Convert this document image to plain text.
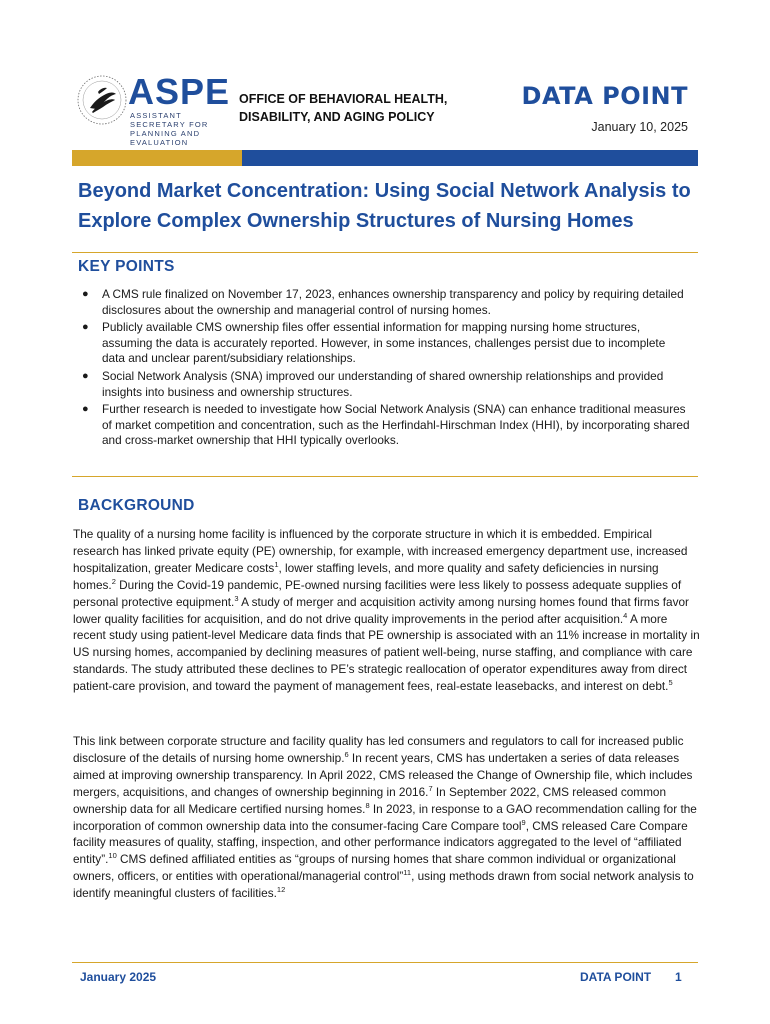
ASPE
ASSISTANT SECRETARY FOR PLANNING AND EVALUATION
OFFICE OF BEHAVIORAL HEALTH, DISABILITY, AND AGING POLICY
DATA POINT
January 10, 2025
Beyond Market Concentration: Using Social Network Analysis to Explore Complex Ownership Structures of Nursing Homes
KEY POINTS
● A CMS rule finalized on November 17, 2023, enhances ownership transparency and policy by requiring detailed disclosures about the ownership and managerial control of nursing homes.
● Publicly available CMS ownership files offer essential information for mapping nursing home structures, assuming the data is accurately reported. However, in some instances, challenges persist due to incomplete data and unclear parent/subsidiary relationships.
● Social Network Analysis (SNA) improved our understanding of shared ownership relationships and provided insights into business and ownership structures.
● Further research is needed to investigate how Social Network Analysis (SNA) can enhance traditional measures of market competition and concentration, such as the Herfindahl-Hirschman Index (HHI), by incorporating shared and cross-market ownership that HHI typically overlooks.
BACKGROUND
The quality of a nursing home facility is influenced by the corporate structure in which it is embedded. Empirical research has linked private equity (PE) ownership, for example, with increased emergency department use, increased hospitalization, greater Medicare costs$^1$, lower staffing levels, and more quality and safety deficiencies in nursing homes.$^2$ During the Covid-19 pandemic, PE-owned nursing facilities were less likely to possess adequate supplies of personal protective equipment.$^3$ A study of merger and acquisition activity among nursing homes found that firms favor lower quality facilities for acquisition, and do not drive quality improvements in the period after acquisition.$^4$ A more recent study using patient-level Medicare data finds that PE ownership is associated with an 11% increase in mortality in US nursing homes, accompanied by declining measures of patient well-being, nurse staffing, and compliance with care standards. The study attributed these declines to PE’s strategic reallocation of operator expenditures away from direct patient-care provision, and toward the payment of management fees, real-estate leasebacks, and interest on debt.$^5$
This link between corporate structure and facility quality has led consumers and regulators to call for increased public disclosure of the details of nursing home ownership.$^6$ In recent years, CMS has undertaken a series of data releases aimed at improving ownership transparency. In April 2022, CMS released the Change of Ownership file, which includes mergers, acquisitions, and changes of ownership beginning in 2016.$^7$ In September 2022, CMS released common ownership data for all Medicare certified nursing homes.$^8$ In 2023, in response to a GAO recommendation calling for the incorporation of common ownership data into the consumer-facing Care Compare tool$^9$, CMS released Care Compare facility measures of quality, staffing, inspection, and other performance indicators aggregated to the level of “affiliated entity”.$^{10}$ CMS defined affiliated entities as “groups of nursing homes that share common individual or organizational owners, officers, or entities with operational/managerial control”$^{11}$, using methods drawn from social network analysis to identify meaningful clusters of facilities.$^{12}$
January 2025	DATA POINT 1
